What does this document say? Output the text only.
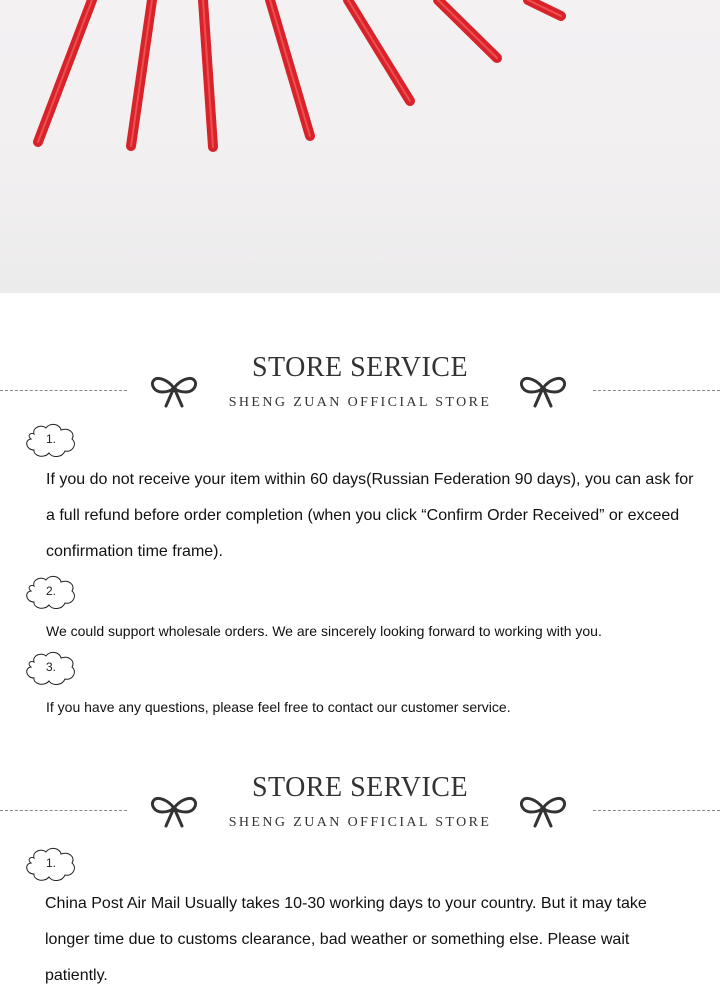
STORE SERVICE
SHENG ZUAN OFFICIAL STORE
1.
If you do not receive your item within 60 days(Russian Federation 90 days), you can ask for a full refund before order completion (when you click “Confirm Order Received” or exceed confirmation time frame).
2.
We could support wholesale orders. We are sincerely looking forward to working with you.
3.
If you have any questions, please feel free to contact our customer service.
STORE SERVICE
SHENG ZUAN OFFICIAL STORE
1.
China Post Air Mail Usually takes 10-30 working days to your country. But it may take longer time due to customs clearance, bad weather or something else. Please wait patiently.
